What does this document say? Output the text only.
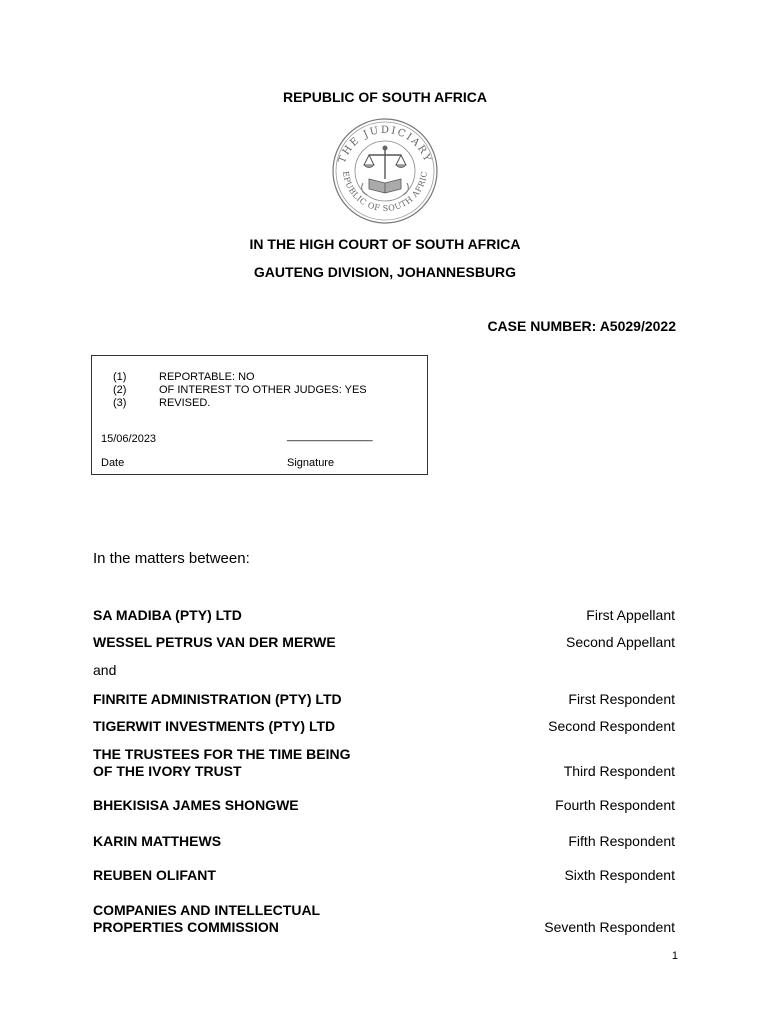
REPUBLIC OF SOUTH AFRICA
THE JUDICIARY
EPUBLIC OF SOUTH AFRIC
IN THE HIGH COURT OF SOUTH AFRICA
GAUTENG DIVISION, JOHANNESBURG
CASE NUMBER: A5029/2022
(1)	REPORTABLE: NO
(2)	OF INTEREST TO OTHER JUDGES: YES
(3)	REVISED.
15/06/2023	______________
Date	Signature
In the matters between:
SA MADIBA (PTY) LTD	First Appellant
WESSEL PETRUS VAN DER MERWE	Second Appellant
and
FINRITE ADMINISTRATION (PTY) LTD	First Respondent
TIGERWIT INVESTMENTS (PTY) LTD	Second Respondent
THE TRUSTEES FOR THE TIME BEING
OF THE IVORY TRUST	Third Respondent
BHEKISISA JAMES SHONGWE	Fourth Respondent
KARIN MATTHEWS	Fifth Respondent
REUBEN OLIFANT	Sixth Respondent
COMPANIES AND INTELLECTUAL
PROPERTIES COMMISSION	Seventh Respondent
1
